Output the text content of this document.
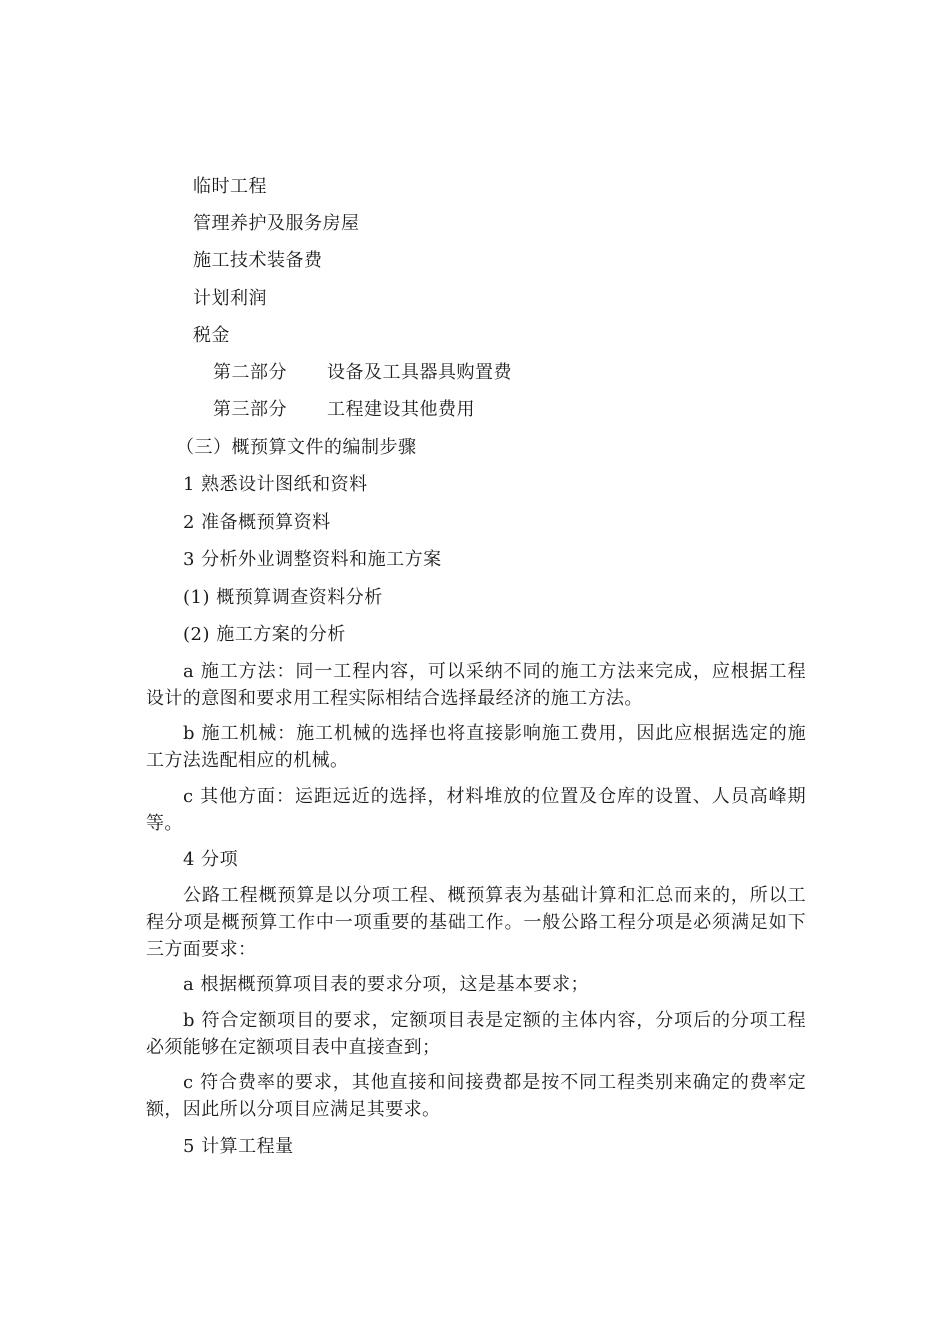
临时工程
管理养护及服务房屋
施工技术装备费
计划利润
税金
第二部分 设备及工具器具购置费
第三部分 工程建设其他费用
（三）概预算文件的编制步骤
1 熟悉设计图纸和资料
2 准备概预算资料
3 分析外业调整资料和施工方案
(1) 概预算调查资料分析
(2) 施工方案的分析
a 施工方法：同一工程内容，可以采纳不同的施工方法来完成，应根据工程设计的意图和要求用工程实际相结合选择最经济的施工方法。
b 施工机械：施工机械的选择也将直接影响施工费用，因此应根据选定的施工方法选配相应的机械。
c 其他方面：运距远近的选择，材料堆放的位置及仓库的设置、人员高峰期等。
4 分项
公路工程概预算是以分项工程、概预算表为基础计算和汇总而来的，所以工程分项是概预算工作中一项重要的基础工作。一般公路工程分项是必须满足如下三方面要求：
a 根据概预算项目表的要求分项，这是基本要求；
b 符合定额项目的要求，定额项目表是定额的主体内容，分项后的分项工程必须能够在定额项目表中直接查到；
c 符合费率的要求，其他直接和间接费都是按不同工程类别来确定的费率定额，因此所以分项目应满足其要求。
5 计算工程量
